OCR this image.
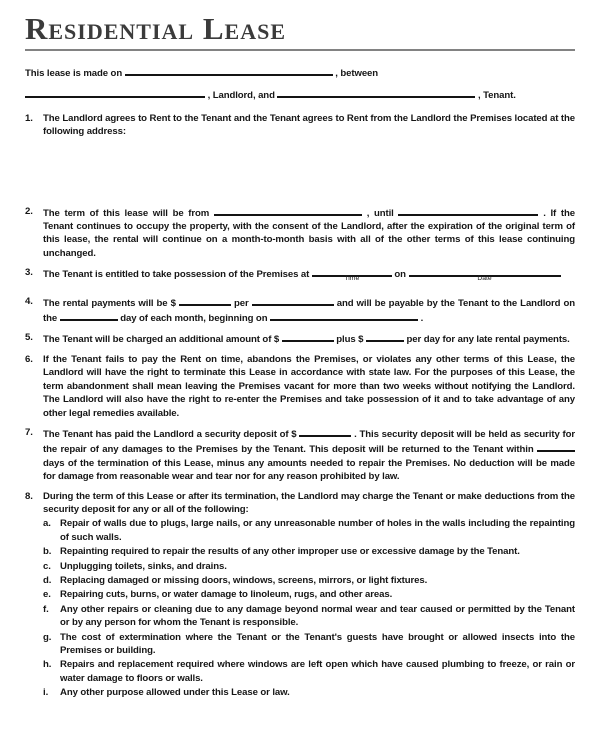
Residential Lease
This lease is made on	, between
, Landlord, and	, Tenant.
1.	The Landlord agrees to Rent to the Tenant and the Tenant agrees to Rent from the Landlord the Premises located at the following address:
2.	The term of this lease will be from	, until	. If the Tenant continues to occupy the property, with the consent of the Landlord, after the expiration of the original term of this lease, the rental will continue on a month-to-month basis with all of the other terms of this lease continuing unchanged.
3.	The Tenant is entitled to take possession of the Premises at	Time	on	Date
4.	The rental payments will be $	per	and will be payable by the Tenant to the Landlord on the	day of each month, beginning on	.
5.	The Tenant will be charged an additional amount of $	plus $	per day for any late rental payments.
6.	If the Tenant fails to pay the Rent on time, abandons the Premises, or violates any other terms of this Lease, the Landlord will have the right to terminate this Lease in accordance with state law. For the purposes of this Lease, the term abandonment shall mean leaving the Premises vacant for more than two weeks without notifying the Landlord. The Landlord will also have the right to re-enter the Premises and take possession of it and to take advantage of any other legal remedies available.
7.	The Tenant has paid the Landlord a security deposit of $	. This security deposit will be held as security for the repair of any damages to the Premises by the Tenant. This deposit will be returned to the Tenant within  days of the termination of this Lease, minus any amounts needed to repair the Premises. No deduction will be made for damage from reasonable wear and tear nor for any reason prohibited by law.
8.	During the term of this Lease or after its termination, the Landlord may charge the Tenant or make deductions from the security deposit for any or all of the following:
a. Repair of walls due to plugs, large nails, or any unreasonable number of holes in the walls including the repainting of such walls.
b. Repainting required to repair the results of any other improper use or excessive damage by the Tenant.
c. Unplugging toilets, sinks, and drains.
d. Replacing damaged or missing doors, windows, screens, mirrors, or light fixtures.
e. Repairing cuts, burns, or water damage to linoleum, rugs, and other areas.
f.	Any other repairs or cleaning due to any damage beyond normal wear and tear caused or permitted by the Tenant or by any person for whom the Tenant is responsible.
g. The cost of extermination where the Tenant or the Tenant's guests have brought or allowed insects into the Premises or building.
h. Repairs and replacement required where windows are left open which have caused plumbing to freeze, or rain or water damage to floors or walls.
i.	Any other purpose allowed under this Lease or law.
